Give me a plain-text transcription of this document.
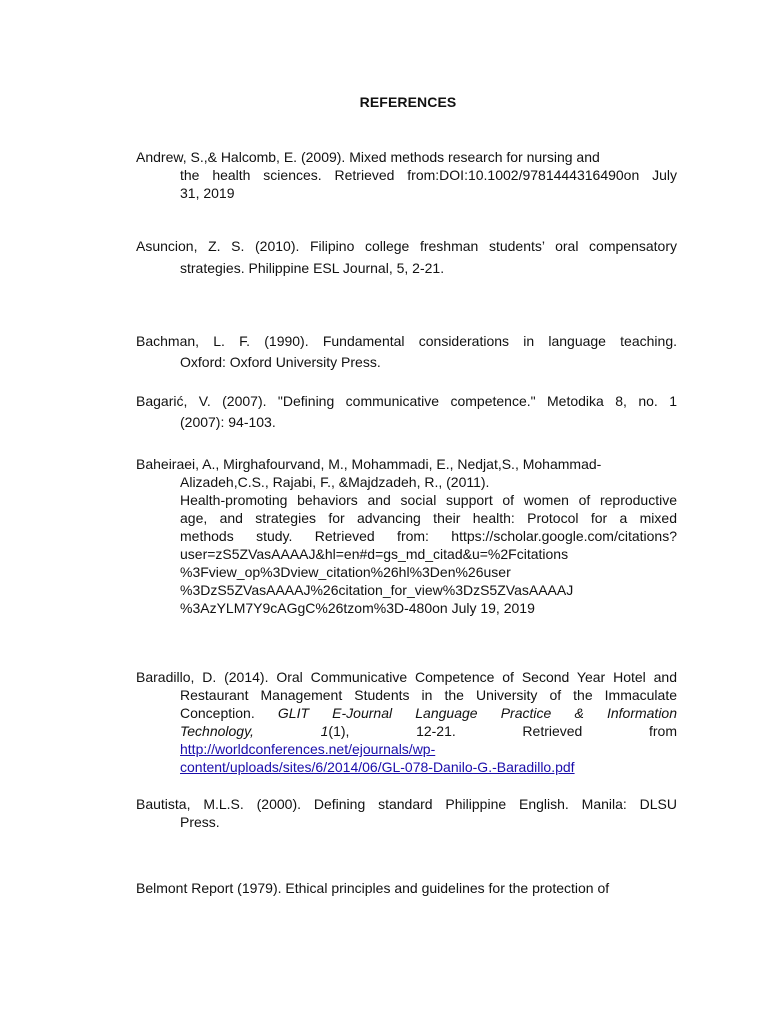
REFERENCES
Andrew, S.,& Halcomb, E. (2009). Mixed methods research for nursing and
the health sciences. Retrieved from:DOI:10.1002/9781444316490on July
31, 2019
Asuncion, Z. S. (2010). Filipino college freshman students’ oral compensatory
strategies. Philippine ESL Journal, 5, 2-21.
Bachman, L. F. (1990). Fundamental considerations in language teaching.
Oxford: Oxford University Press.
Bagarić, V. (2007). "Defining communicative competence." Metodika 8, no. 1
(2007): 94-103.
Baheiraei, A., Mirghafourvand, M., Mohammadi, E., Nedjat,S., Mohammad-
Alizadeh,C.S., Rajabi, F., &Majdzadeh, R., (2011).
Health-promoting behaviors and social support of women of reproductive
age, and strategies for advancing their health: Protocol for a mixed
methods study. Retrieved from: https://scholar.google.com/citations?
user=zS5ZVasAAAAJ&hl=en#d=gs_md_citad&u=%2Fcitations
%3Fview_op%3Dview_citation%26hl%3Den%26user
%3DzS5ZVasAAAAJ%26citation_for_view%3DzS5ZVasAAAAJ
%3AzYLM7Y9cAGgC%26tzom%3D-480on July 19, 2019
Baradillo, D. (2014). Oral Communicative Competence of Second Year Hotel and
Restaurant Management Students in the University of the Immaculate
Conception. GLIT E-Journal Language Practice & Information
Technology,	1(1),	12-21.	Retrieved	from
http://worldconferences.net/ejournals/wp-
content/uploads/sites/6/2014/06/GL-078-Danilo-G.-Baradillo.pdf
Bautista, M.L.S. (2000). Defining standard Philippine English. Manila: DLSU
Press.
Belmont Report (1979). Ethical principles and guidelines for the protection of
